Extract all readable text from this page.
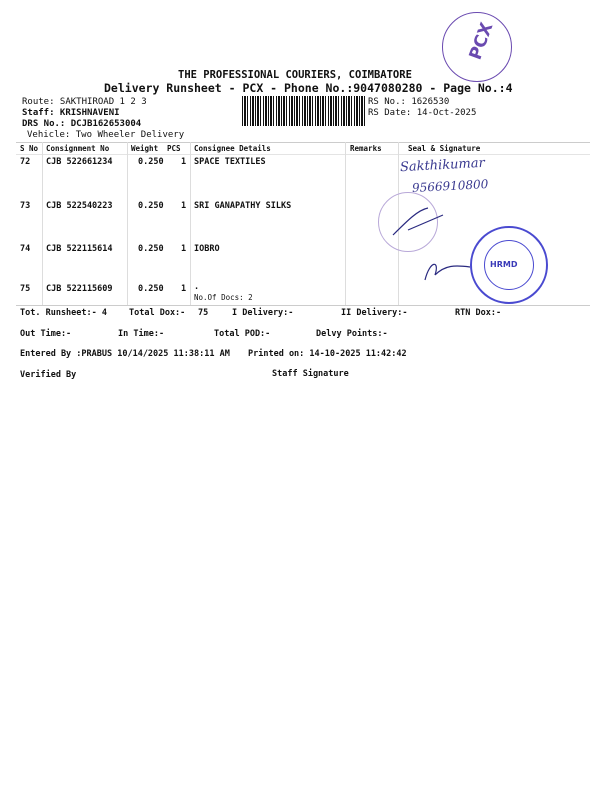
PCX
THE PROFESSIONAL COURIERS, COIMBATORE
Delivery Runsheet - PCX - Phone No.:9047080280 - Page No.:4
Route: SAKTHIROAD 1 2 3
Staff: KRISHNAVENI
DRS No.: DCJB162653004
Vehicle: Two Wheeler Delivery
RS No.: 1626530
RS Date: 14-Oct-2025
S No Consignment No	Weight PCS Consignee Details	Remarks	Seal & Signature
72 CJB 522661234	0.250 1 SPACE TEXTILES
73 CJB 522540223	0.250 1 SRI GANAPATHY SILKS
74 CJB 522115614	0.250 1 IOBRO
75 CJB 522115609	0.250 1 .
No.Of Docs: 2
Sakthikumar
9566910800
HRMD
Tot. Runsheet:- 4	Total Dox:- 75	I Delivery:-	II Delivery:-	RTN Dox:-
Out Time:-	In Time:-	Total POD:-	Delvy Points:-
Entered By :PRABUS 10/14/2025 11:38:11 AM Printed on: 14-10-2025 11:42:42
Verified By	Staff Signature
